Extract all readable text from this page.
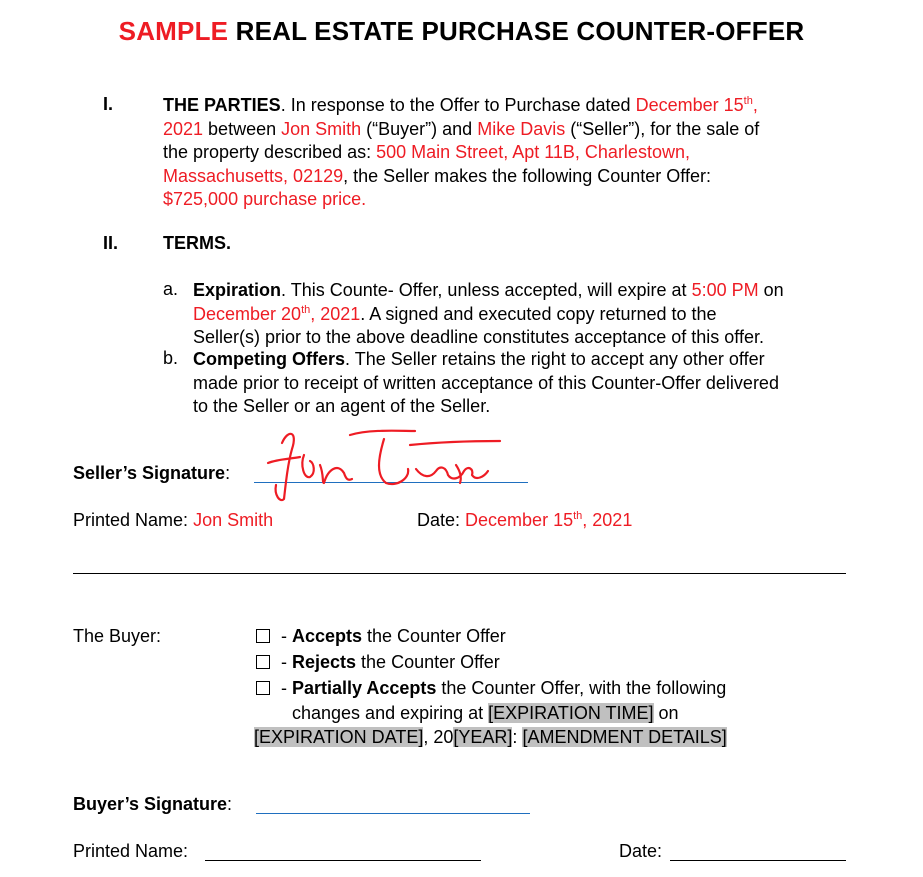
SAMPLE REAL ESTATE PURCHASE COUNTER-OFFER
I.	THE PARTIES. In response to the Offer to Purchase dated December 15th,
2021 between Jon Smith (“Buyer”) and Mike Davis (“Seller”), for the sale of
the property described as: 500 Main Street, Apt 11B, Charlestown,
Massachusetts, 02129, the Seller makes the following Counter Offer:
$725,000 purchase price.
II. TERMS.
a. Expiration. This Counte- Offer, unless accepted, will expire at 5:00 PM on
December 20th, 2021. A signed and executed copy returned to the
Seller(s) prior to the above deadline constitutes acceptance of this offer.
b. Competing Offers. The Seller retains the right to accept any other offer
made prior to receipt of written acceptance of this Counter-Offer delivered
to the Seller or an agent of the Seller.
Seller’s Signature:
Printed Name: Jon Smith	Date: December 15th, 2021
The Buyer:	- Accepts the Counter Offer
- Rejects the Counter Offer
- Partially Accepts the Counter Offer, with the following
changes and expiring at [EXPIRATION TIME] on
[EXPIRATION DATE], 20[YEAR]: [AMENDMENT DETAILS]
Buyer’s Signature:
Printed Name:	Date:
